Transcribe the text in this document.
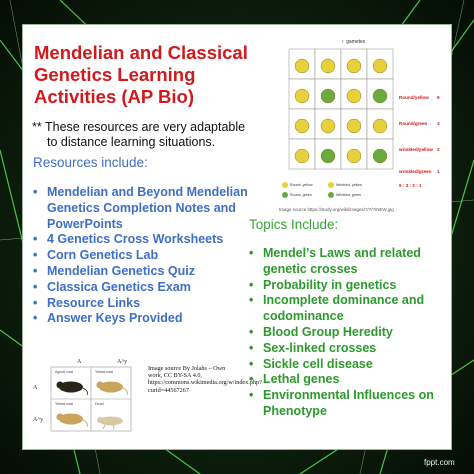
Mendelian and Classical
Genetics Learning
Activities (AP Bio)
** These resources are very adaptable
to distance learning situations.
Resources include:
• Mendelian and Beyond Mendelian Genetics Completion Notes and PowerPoints
• 4 Genetics Cross Worksheets
• Corn Genetics Lab
• Mendelian Genetics Quiz
• Classica Genetics Exam
• Resource Links
• Answer Keys Provided
Topics Include:
• Mendel’s Laws and related genetic crosses
• Probability in genetics
• Incomplete dominance and codominance
• Blood Group Heredity
• Sex-linked crosses
• Sickle cell disease
• Lethal genes
• Environmental Influences on Phenotype
♀ gametes
Round/yellow 9
Round/green 3
wrinkled/yellow 3
wrinkled/green 1
9 : 3 : 3 : 1
Round, yellow	Wrinkled, yellow
Round, green	Wrinkled, green
Image source https://study.org/wiki/images/?/?/?/NEW.jpg
A	A^y
A
A^y
Agouti coat	Yellow coat
Yellow coat	Dead
Image source By Jolahs – Own work, CC BY-SA 4.0, https://commons.wikimedia.org/w/index.php?curid=44567267
fppt.com
